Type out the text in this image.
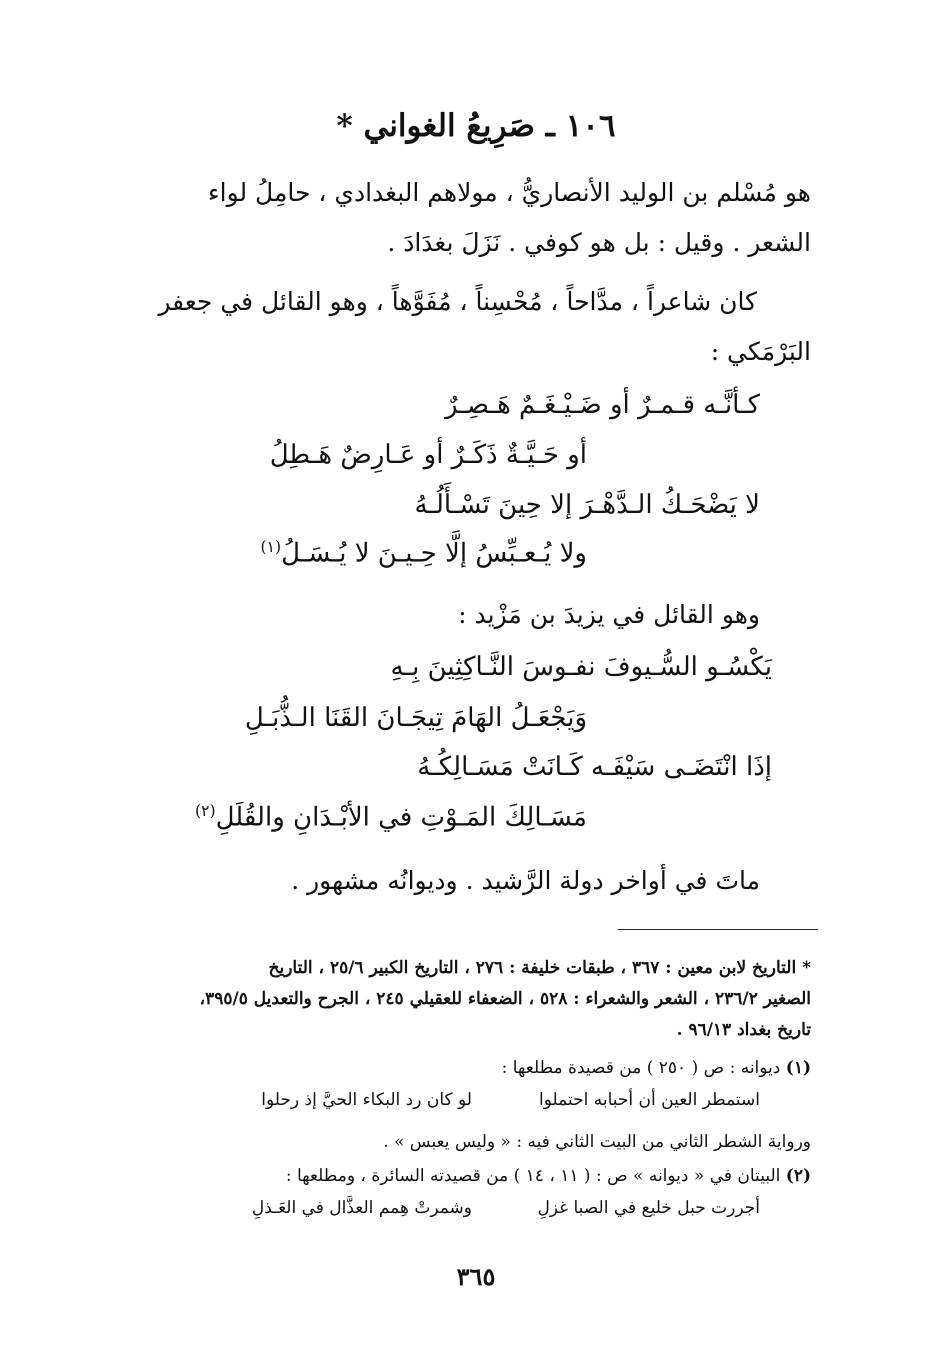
١٠٦ ـ صَرِيعُ الغواني *
هو مُسْلم بن الوليد الأنصاريُّ ، مولاهم البغدادي ، حامِلُ لواء
الشعر . وقيل : بل هو كوفي . نَزَلَ بغدَادَ .
كان شاعراً ، مدَّاحاً ، مُحْسِناً ، مُفَوَّهاً ، وهو القائل في جعفر
البَرْمَكي :
كـأنَّـه قـمـرٌ أو ضَـيْـغَـمٌ هَـصِـرٌ
أو حَـيَّـةٌ ذَكَـرٌ أو عَـارِضٌ هَـطِلُ
لا يَضْحَـكُ الـدَّهْـرَ إلا حِينَ تَسْـأَلُـهُ
ولا يُـعـبِّسُ إلَّا حِـيـنَ لا يُـسَـلُ$^{(١)}$
وهو القائل في يزيدَ بن مَزْيد :
يَكْسُـو السُّـيوفَ نفـوسَ النَّـاكِثِينَ بِـهِ
وَيَجْعَـلُ الهَامَ تِيجَـانَ القَنَا الـذُّبَـلِ
إذَا انْتَضَـى سَيْفَـه كَـانَتْ مَسَـالِكُـهُ
مَسَـالِكَ المَـوْتِ في الأبْـدَانِ والقُلَلِ$^{(٢)}$
ماتَ في أواخر دولة الرَّشيد . وديوانُه مشهور .
* التاريخ لابن معين : ٣٦٧ ، طبقات خليفة : ٢٧٦ ، التاريخ الكبير ٢٥/٦ ، التاريخ
الصغير ٢٣٦/٢ ، الشعر والشعراء : ٥٢٨ ، الضعفاء للعقيلي ٢٤٥ ، الجرح والتعديل ٣٩٥/٥،
تاريخ بغداد ٩٦/١٣ .
(١) ديوانه : ص ( ٢٥٠ ) من قصيدة مطلعها :
استمطر العين أن أحبابه احتملوا
لو كان رد البكاء الحيَّ إذ رحلوا
ورواية الشطر الثاني من البيت الثاني فيه : « وليس يعبس » .
(٢) البيتان في « ديوانه » ص : ( ١١ ، ١٤ ) من قصيدته السائرة ، ومطلعها :
أجررت حبل خليع في الصبا غزلِ
وشمرتْ هِمم العذَّال في العَـذلِ
٣٦٥
